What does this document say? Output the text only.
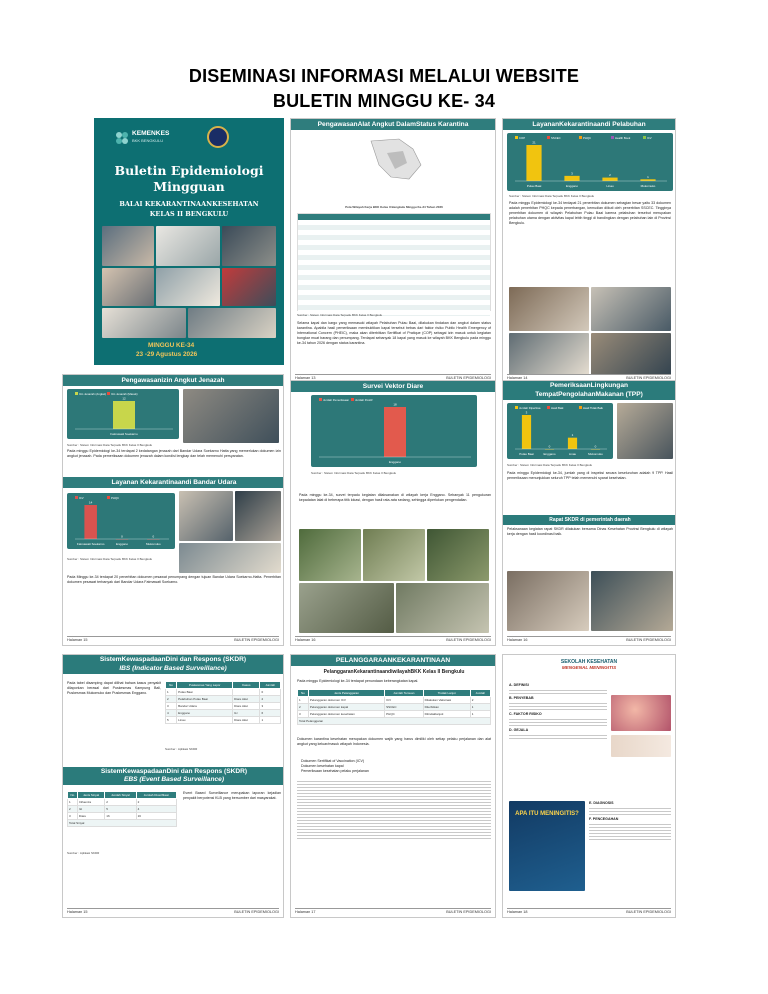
DISEMINASI INFORMASI MELALUI WEBSITE
BULETIN MINGGU KE- 34
KEMENKES
BKK BENGKULU
Buletin Epidemiologi
Mingguan
BALAI KEKARANTINAANKESEHATAN
KELAS II BENGKULU
MINGGU KE-34
23 -29 Agustus 2026
PengawasanAlat Angkut DalamStatus Karantina
Peta Wilayah Kerja BKK Kelas II Bengkulu Minggu Ke-34 Tahun 2026
Sumber : Sistem Informasi Data Terpadu BKK Kelas II Bengkulu
Selama kapal dan kargo yang memasuki wilayah Pelabuhan Pulau Baai, dilakukan tindakan dan angkut dalam status karantina. Apabila hasil pemeriksaan membuktikan kapal tersebut bebas dari faktor risiko Public Health Emergency of International Concern (PHEIC), maka akan diterbitkan Sertifikat of Pratique (COP) sebagai izin masuk untuk kegiatan bongkar muat barang dan penumpang. Terdapat sebanyak 18 kapal yang masuk ke wilayah BKK Bengkulu pada minggu ke-34 tahun 2026 dengan status karantina.
Halaman 13	BULETIN EPIDEMIOLOGI
LayananKekarantinaandi Pelabuhan
COP	SSCEC	PHQC	Health Book	ICV
21
Pulau Baai
3
Enggano
2
Linau
1
Mukomuko
Sumber : Sistem Informasi Data Terpadu BKK Kelas II Bengkulu
Pada minggu Epidemiologi ke-34 terdapat 21 penerbitan dokumen sebagian besar yaitu 33 dokumen adalah penerbitan PHQC kepada penerbangan, kemudian diikuti oleh penerbitan SSCEC. Tingginya penerbitan dokumen di wilayah Pelabuhan Pulau Baai karena pelabuhan tersebut merupakan pelabuhan utama dengan aktivitas kapal lebih tinggi di bandingkan dengan pelabuhan lain di Provinsi Bengkulu.
Halaman 14	BULETIN EPIDEMIOLOGI
Pengawasanizin Angkut Jenazah
Izin Jenazah (Angkut) Izin Jenazah (Masuk)
12
Fatmawati Soekarno
Sumber : Sistem Informasi Data Terpadu BKK Kelas II Bengkulu
Pada minggu Epidemiologi ke-34 terdapat 2 kedatangan jenazah dari Bandar Udara Soekarno Hatta yang memerlukan dokumen izin angkut jenazah. Pada pemeriksaan dokumen jenazah dalam kondisi lengkap dan telah memenuhi persyaratan.
Layanan Kekarantinaandi Bandar Udara
ICV	PHQC
14
Fatmawati Soekarno
0
Enggano
0
Mukomuko
Sumber : Sistem Informasi Data Terpadu BKK Kelas II Bengkulu
Pada Minggu ke-34 terdapat 20 penerbitan dokumen pesawat penumpang dengan tujuan Bandar Udara Soekarno-Hatta. Penerbitan dokumen pesawat terbanyak dari Bandar Udara Fatmawati Soekarno.
Halaman 15	BULETIN EPIDEMIOLOGI
Survei Vektor Diare
Jumlah Pemeriksaan Jumlah Positif
18
Enggano
Sumber : Sistem Informasi Data Terpadu BKK Kelas II Bengkulu
Pada minggu ke-34, survei terpadu kegiatan dilaksanakan di wilayah kerja Enggano. Sebanyak 11 pengukuran kepadatan lalat di beberapa titik lokasi, dengan hasil rata-rata sedang, sehingga diperlukan pengendalian.
Halaman 16	BULETIN EPIDEMIOLOGI
PemeriksaanLingkungan
TempatPengolahanMakanan (TPP)
Jumlah Diperiksa	Hasil Baik	Hasil Tidak Baik
3
Pulau Baai
0
Enggano
1
Linau
0
Mukomuko
Sumber : Sistem Informasi Data Terpadu BKK Kelas II Bengkulu
Pada minggu Epidemiologi ke-34, jumlah yang di inspeksi secara keseluruhan adalah 9 TPP. Hasil pemeriksaan menunjukkan seluruh TPP telah memenuhi syarat kesehatan.
Rapat SKDR di pemerintah daerah
Pelaksanaan kegiatan rapat SKDR dilakukan bersama Dinas Kesehatan Provinsi Bengkulu di wilayah kerja dengan hasil koordinasi baik.
Halaman 16	BULETIN EPIDEMIOLOGI
SistemKewaspadaanDini dan Respons (SKDR)
IBS (Indicator Based Surveillance)
Pada tabel disamping dapat dilihat bahwa kasus penyakit dilaporkan berasal dari Puskesmas Kampung Bali, Puskesmas Mukomuko dan Puskesmas Enggano.
No	Puskesmas Yang Lapor	Kasus	Jumlah
1	Pulau Baai		0
2	Pelabuhan Pulau Baai	Diare Akut	2
3	Bandar Udara	Diare Akut	3
4	Enggano	ILI	6
5	Linau	Diare Akut	1
Sumber : Aplikasi SKDR
SistemKewaspadaanDini dan Respons (SKDR)
EBS (Event Based Surveillance)
No	Jenis Sinyal	Jumlah Sinyal	Jumlah Diverifikasi
1	Influenza	2	2
2	ILI	5	4
3	Diare	16	16
Total Sinyal			
Sumber : Aplikasi SKDR
Event Based Surveillance merupakan laporan kejadian penyakit berpotensi KLB yang bersumber dari masyarakat.
Halaman 15	BULETIN EPIDEMIOLOGI
PELANGGARAANKEKARANTINAAN
PelanggaranKekarantinaandiwilayahBKK Kelas II Bengkulu
Pada minggu Epidemiologi ke-34 terdapat penundaan keberangkatan kapal.
No	Jenis Pelanggaran	Jumlah Temuan	Tindak Lanjut	Jumlah
1	Pelanggaran dokumen ICV	ICV	Dilakukan Vaksinasi	2
2	Pelanggaran dokumen kapal	SSCEC	Diterbitkan	1
3	Pelanggaran dokumen kesehatan	PHQC	Ditindaklanjuti	1
Total Pelanggaran				
Dokumen karantina kesehatan merupakan dokumen wajib yang harus dimiliki oleh setiap pelaku perjalanan dan alat angkut yang keluar/masuk wilayah Indonesia.
Dokumen Sertifikat of Vaccination (ICV)
Dokumen kesehatan kapal
Pemeriksaan kesehatan pelaku perjalanan
Halaman 17	BULETIN EPIDEMIOLOGI
SEKOLAH KESEHATAN
MENGENAL MENINGITIS
A. DEFINISI
B. PENYEBAB
C. FAKTOR RISIKO
D. GEJALA
APA ITU MENINGITIS?
E. DIAGNOSIS
F. PENCEGAHAN
Halaman 18	BULETIN EPIDEMIOLOGI
